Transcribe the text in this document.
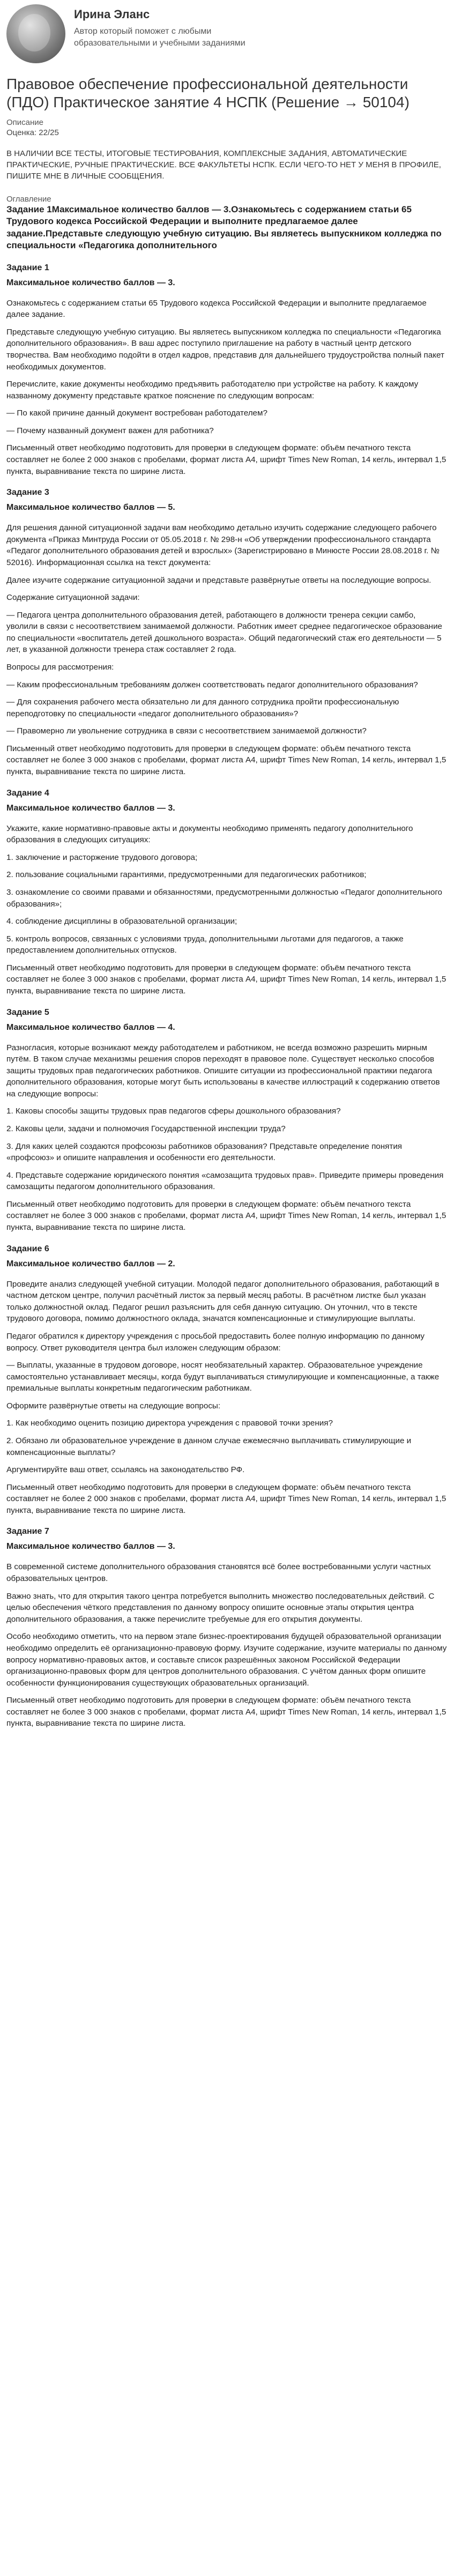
Ирина Эланс
Автор который поможет с любыми образовательными и учебными заданиями
Правовое обеспечение профессиональной деятельности (ПДО) Практическое занятие 4 НСПК (Решение → 50104)
Описание
Оценка: 22/25
В НАЛИЧИИ ВСЕ ТЕСТЫ, ИТОГОВЫЕ ТЕСТИРОВАНИЯ, КОМПЛЕКСНЫЕ ЗАДАНИЯ, АВТОМАТИЧЕСКИЕ ПРАКТИЧЕСКИЕ, РУЧНЫЕ ПРАКТИЧЕСКИЕ. ВСЕ ФАКУЛЬТЕТЫ НСПК. ЕСЛИ ЧЕГО-ТО НЕТ У МЕНЯ В ПРОФИЛЕ, ПИШИТЕ МНЕ В ЛИЧНЫЕ СООБЩЕНИЯ.
Оглавление
Задание 1Максимальное количество баллов — 3.Ознакомьтесь с содержанием статьи 65 Трудового кодекса Российской Федерации и выполните предлагаемое далее задание.Представьте следующую учебную ситуацию. Вы являетесь выпускником колледжа по специальности «Педагогика дополнительного
Задание 1
Максимальное количество баллов — 3.

Ознакомьтесь с содержанием статьи 65 Трудового кодекса Российской Федерации и выполните предлагаемое далее задание.

Представьте следующую учебную ситуацию. Вы являетесь выпускником колледжа по специальности «Педагогика дополнительного образования». В ваш адрес поступило приглашение на работу в частный центр детского творчества. Вам необходимо подойти в отдел кадров, представив для дальнейшего трудоустройства полный пакет необходимых документов.

Перечислите, какие документы необходимо предъявить работодателю при устройстве на работу. К каждому названному документу представьте краткое пояснение по следующим вопросам:

— По какой причине данный документ востребован работодателем?

— Почему названный документ важен для работника?

Письменный ответ необходимо подготовить для проверки в следующем формате: объём печатного текста составляет не более 2 000 знаков с пробелами, формат листа А4, шрифт Times New Roman, 14 кегль, интервал 1,5 пункта, выравнивание текста по ширине листа.

Задание 3
Максимальное количество баллов — 5.

Для решения данной ситуационной задачи вам необходимо детально изучить содержание следующего рабочего документа «Приказ Минтруда России от 05.05.2018 г. № 298-н «Об утверждении профессионального стандарта «Педагог дополнительного образования детей и взрослых» (Зарегистрировано в Минюсте России 28.08.2018 г. № 52016). Информационная ссылка на текст документа:

Далее изучите содержание ситуационной задачи и представьте развёрнутые ответы на последующие вопросы.

Содержание ситуационной задачи:

— Педагога центра дополнительного образования детей, работающего в должности тренера секции самбо, уволили в связи с несоответствием занимаемой должности. Работник имеет среднее педагогическое образование по специальности «воспитатель детей дошкольного возраста». Общий педагогический стаж его деятельности — 5 лет, в указанной должности тренера стаж составляет 2 года.

Вопросы для рассмотрения:

— Каким профессиональным требованиям должен соответствовать педагог дополнительного образования?

— Для сохранения рабочего места обязательно ли для данного сотрудника пройти профессиональную переподготовку по специальности «педагог дополнительного образования»?

— Правомерно ли увольнение сотрудника в связи с несоответствием занимаемой должности?

Письменный ответ необходимо подготовить для проверки в следующем формате: объём печатного текста составляет не более 3 000 знаков с пробелами, формат листа А4, шрифт Times New Roman, 14 кегль, интервал 1,5 пункта, выравнивание текста по ширине листа.

Задание 4
Максимальное количество баллов — 3.

Укажите, какие нормативно-правовые акты и документы необходимо применять педагогу дополнительного образования в следующих ситуациях:

1. заключение и расторжение трудового договора;

2. пользование социальными гарантиями, предусмотренными для педагогических работников;

3. ознакомление со своими правами и обязанностями, предусмотренными должностью «Педагог дополнительного образования»;

4. соблюдение дисциплины в образовательной организации;

5. контроль вопросов, связанных с условиями труда, дополнительными льготами для педагогов, а также предоставлением дополнительных отпусков.

Письменный ответ необходимо подготовить для проверки в следующем формате: объём печатного текста составляет не более 3 000 знаков с пробелами, формат листа А4, шрифт Times New Roman, 14 кегль, интервал 1,5 пункта, выравнивание текста по ширине листа.

Задание 5
Максимальное количество баллов — 4.

Разногласия, которые возникают между работодателем и работником, не всегда возможно разрешить мирным путём. В таком случае механизмы решения споров переходят в правовое поле. Существует несколько способов защиты трудовых прав педагогических работников. Опишите ситуации из профессиональной практики педагога дополнительного образования, которые могут быть использованы в качестве иллюстраций к содержанию ответов на следующие вопросы:

1. Каковы способы защиты трудовых прав педагогов сферы дошкольного образования?

2. Каковы цели, задачи и полномочия Государственной инспекции труда?

3. Для каких целей создаются профсоюзы работников образования? Представьте определение понятия «профсоюз» и опишите направления и особенности его деятельности.

4. Представьте содержание юридического понятия «самозащита трудовых прав». Приведите примеры проведения самозащиты педагогом дополнительного образования.

Письменный ответ необходимо подготовить для проверки в следующем формате: объём печатного текста составляет не более 3 000 знаков с пробелами, формат листа А4, шрифт Times New Roman, 14 кегль, интервал 1,5 пункта, выравнивание текста по ширине листа.

Задание 6
Максимальное количество баллов — 2.

Проведите анализ следующей учебной ситуации. Молодой педагог дополнительного образования, работающий в частном детском центре, получил расчётный листок за первый месяц работы. В расчётном листке был указан только должностной оклад. Педагог решил разъяснить для себя данную ситуацию. Он уточнил, что в тексте трудового договора, помимо должностного оклада, значатся компенсационные и стимулирующие выплаты.

Педагог обратился к директору учреждения с просьбой предоставить более полную информацию по данному вопросу. Ответ руководителя центра был изложен следующим образом:

— Выплаты, указанные в трудовом договоре, носят необязательный характер. Образовательное учреждение самостоятельно устанавливает месяцы, когда будут выплачиваться стимулирующие и компенсационные, а также премиальные выплаты конкретным педагогическим работникам.

Оформите развёрнутые ответы на следующие вопросы:

1. Как необходимо оценить позицию директора учреждения с правовой точки зрения?

2. Обязано ли образовательное учреждение в данном случае ежемесячно выплачивать стимулирующие и компенсационные выплаты?

Аргументируйте ваш ответ, ссылаясь на законодательство РФ.

Письменный ответ необходимо подготовить для проверки в следующем формате: объём печатного текста составляет не более 2 000 знаков с пробелами, формат листа А4, шрифт Times New Roman, 14 кегль, интервал 1,5 пункта, выравнивание текста по ширине листа.

Задание 7
Максимальное количество баллов — 3.

В современной системе дополнительного образования становятся всё более востребованными услуги частных образовательных центров.

Важно знать, что для открытия такого центра потребуется выполнить множество последовательных действий. С целью обеспечения чёткого представления по данному вопросу опишите основные этапы открытия центра дополнительного образования, а также перечислите требуемые для его открытия документы.

Особо необходимо отметить, что на первом этапе бизнес-проектирования будущей образовательной организации необходимо определить её организационно-правовую форму. Изучите содержание, изучите материалы по данному вопросу нормативно-правовых актов, и составьте список разрешённых законом Российской Федерации организационно-правовых форм для центров дополнительного образования. С учётом данных форм опишите особенности функционирования существующих образовательных организаций.

Письменный ответ необходимо подготовить для проверки в следующем формате: объём печатного текста составляет не более 3 000 знаков с пробелами, формат листа А4, шрифт Times New Roman, 14 кегль, интервал 1,5 пункта, выравнивание текста по ширине листа.
